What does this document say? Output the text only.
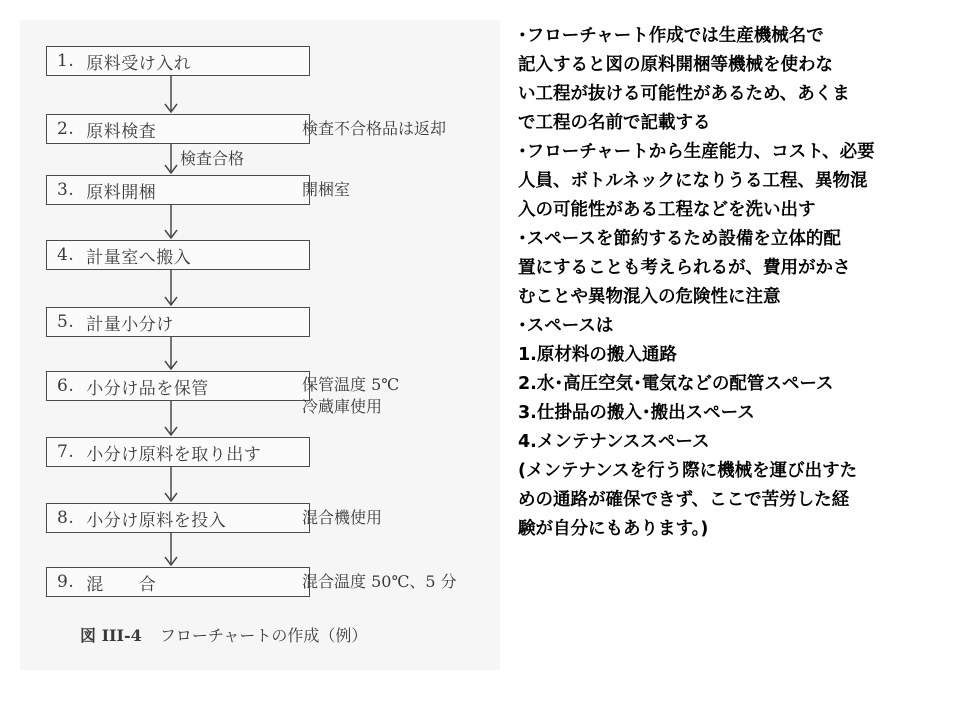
1. 原料受け入れ
2. 原料検査
3. 原料開梱
4. 計量室へ搬入
5. 計量小分け
6. 小分け品を保管
7. 小分け原料を取り出す
8. 小分け原料を投入
9. 混　　合
検査不合格品は返却
開梱室
保管温度 5℃
冷蔵庫使用
混合機使用
混合温度 50℃、5 分
検査合格
図 III-4 フローチャートの作成（例）
･フローチャート作成では生産機械名で
記入すると図の原料開梱等機械を使わな
い工程が抜ける可能性があるため、あくま
で工程の名前で記載する
･フローチャートから生産能力、コスト、必要
人員、ボトルネックになりうる工程、異物混
入の可能性がある工程などを洗い出す
･スペースを節約するため設備を立体的配
置にすることも考えられるが、費用がかさ
むことや異物混入の危険性に注意
･スペースは
1.原材料の搬入通路
2.水･高圧空気･電気などの配管スペース
3.仕掛品の搬入･搬出スペース
4.メンテナンススペース
(メンテナンスを行う際に機械を運び出すた
めの通路が確保できず、ここで苦労した経
験が自分にもあります。)
